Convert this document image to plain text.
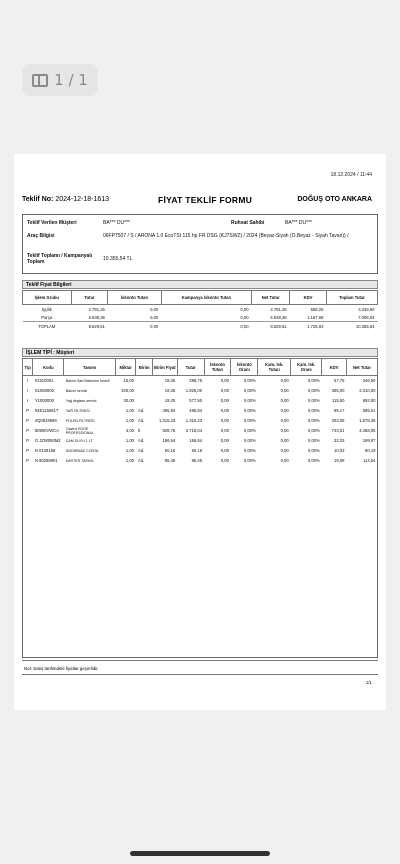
1 / 1
18.12.2024 / 11:44
Teklif No: 2024-12-18-1613	FİYAT TEKLİF FORMU	DOĞUŞ OTO ANKARA
Teklif Verilen Müşteri	BA*** DU***	Ruhsat Sahibi	BA*** DU***
Araç Bilgisi	06FP7507 / S / ARONA 1.0 EcoTSI 115 hp FR DSG (KJ7SWZ) / 2024 (Beyaz-Siyah (O.Beyaz - Siyah Tavan)) /
Teklif Toplamı / Kampanyalı Toplam	10.355,54 TL
Teklif Fiyat Bilgileri
İşlem Grubu	Tutar	İskonto Tutarı	Kampanya İskonto Tutarı	Net Tutar	KDV	Toplam Tutar
İşçilik	2.791,25	0,00	0,00	2.791,25	558,25	3.349,50
Parça	5.838,36	0,00	0,00	5.838,36	1.167,68	7.006,04
TOPLAM	8.629,61	0,00	0,00	8.629,61	1.725,93	10.355,54
İŞLEM TİPİ : Müşteri
Tip	Kodu	Tanımı	Miktar	Birim	Birim Fiyat	Tutar	İskonto Tutarı	İskonto Oranı	Kam. İsk. Tutarı	Kam. İsk. Oranı	KDV	Net Tutar
I	01510001	Bakım Sarf Malzeme bedeli	15,00		19,25	288,75	0,00	0,00%	0,00	0,00%	57,75	346,50
I	S1050000	Bakım servisi	100,00		19,25	1.925,00	0,00	0,00%	0,00	0,00%	385,00	2.310,00
I	Y1000000	Yağ degisim servisi	30,00		19,25	577,50	0,00	0,00%	0,00	0,00%	115,50	693,00
P	04E115561T	YAĞ FİLTRESİ	1,00	Ad.	495,84	495,84	0,00	0,00%	0,00	0,00%	99,17	595,01
P	2Q0819669	POLEN FİLTRESİ	1,00	Ad.	1.315,23	1.315,23	0,00	0,00%	0,00	0,00%	263,05	1.578,28
P	50900VWCA	Castrol EDGE PROFESSIONAL	4,00	lt	928,76	3.715,04	0,00	0,00%	0,00	0,00%	743,01	4.458,05
P	G JZW050M2	CAM SUYU 1 LT	1,00	Ad.	166,64	166,64	0,00	0,00%	0,00	0,00%	33,33	199,97
P	N 0138158	SIZDIRMAZ CONTA	1,00	Ad.	50,16	50,16	0,00	0,00%	0,00	0,00%	10,03	60,19
P	N 90288901	KARTER TAPASI	1,00	Ad.	95,45	95,45	0,00	0,00%	0,00	0,00%	19,09	114,54
Not: Satış tarihindeki fiyatlar geçerlidir.
1/1
